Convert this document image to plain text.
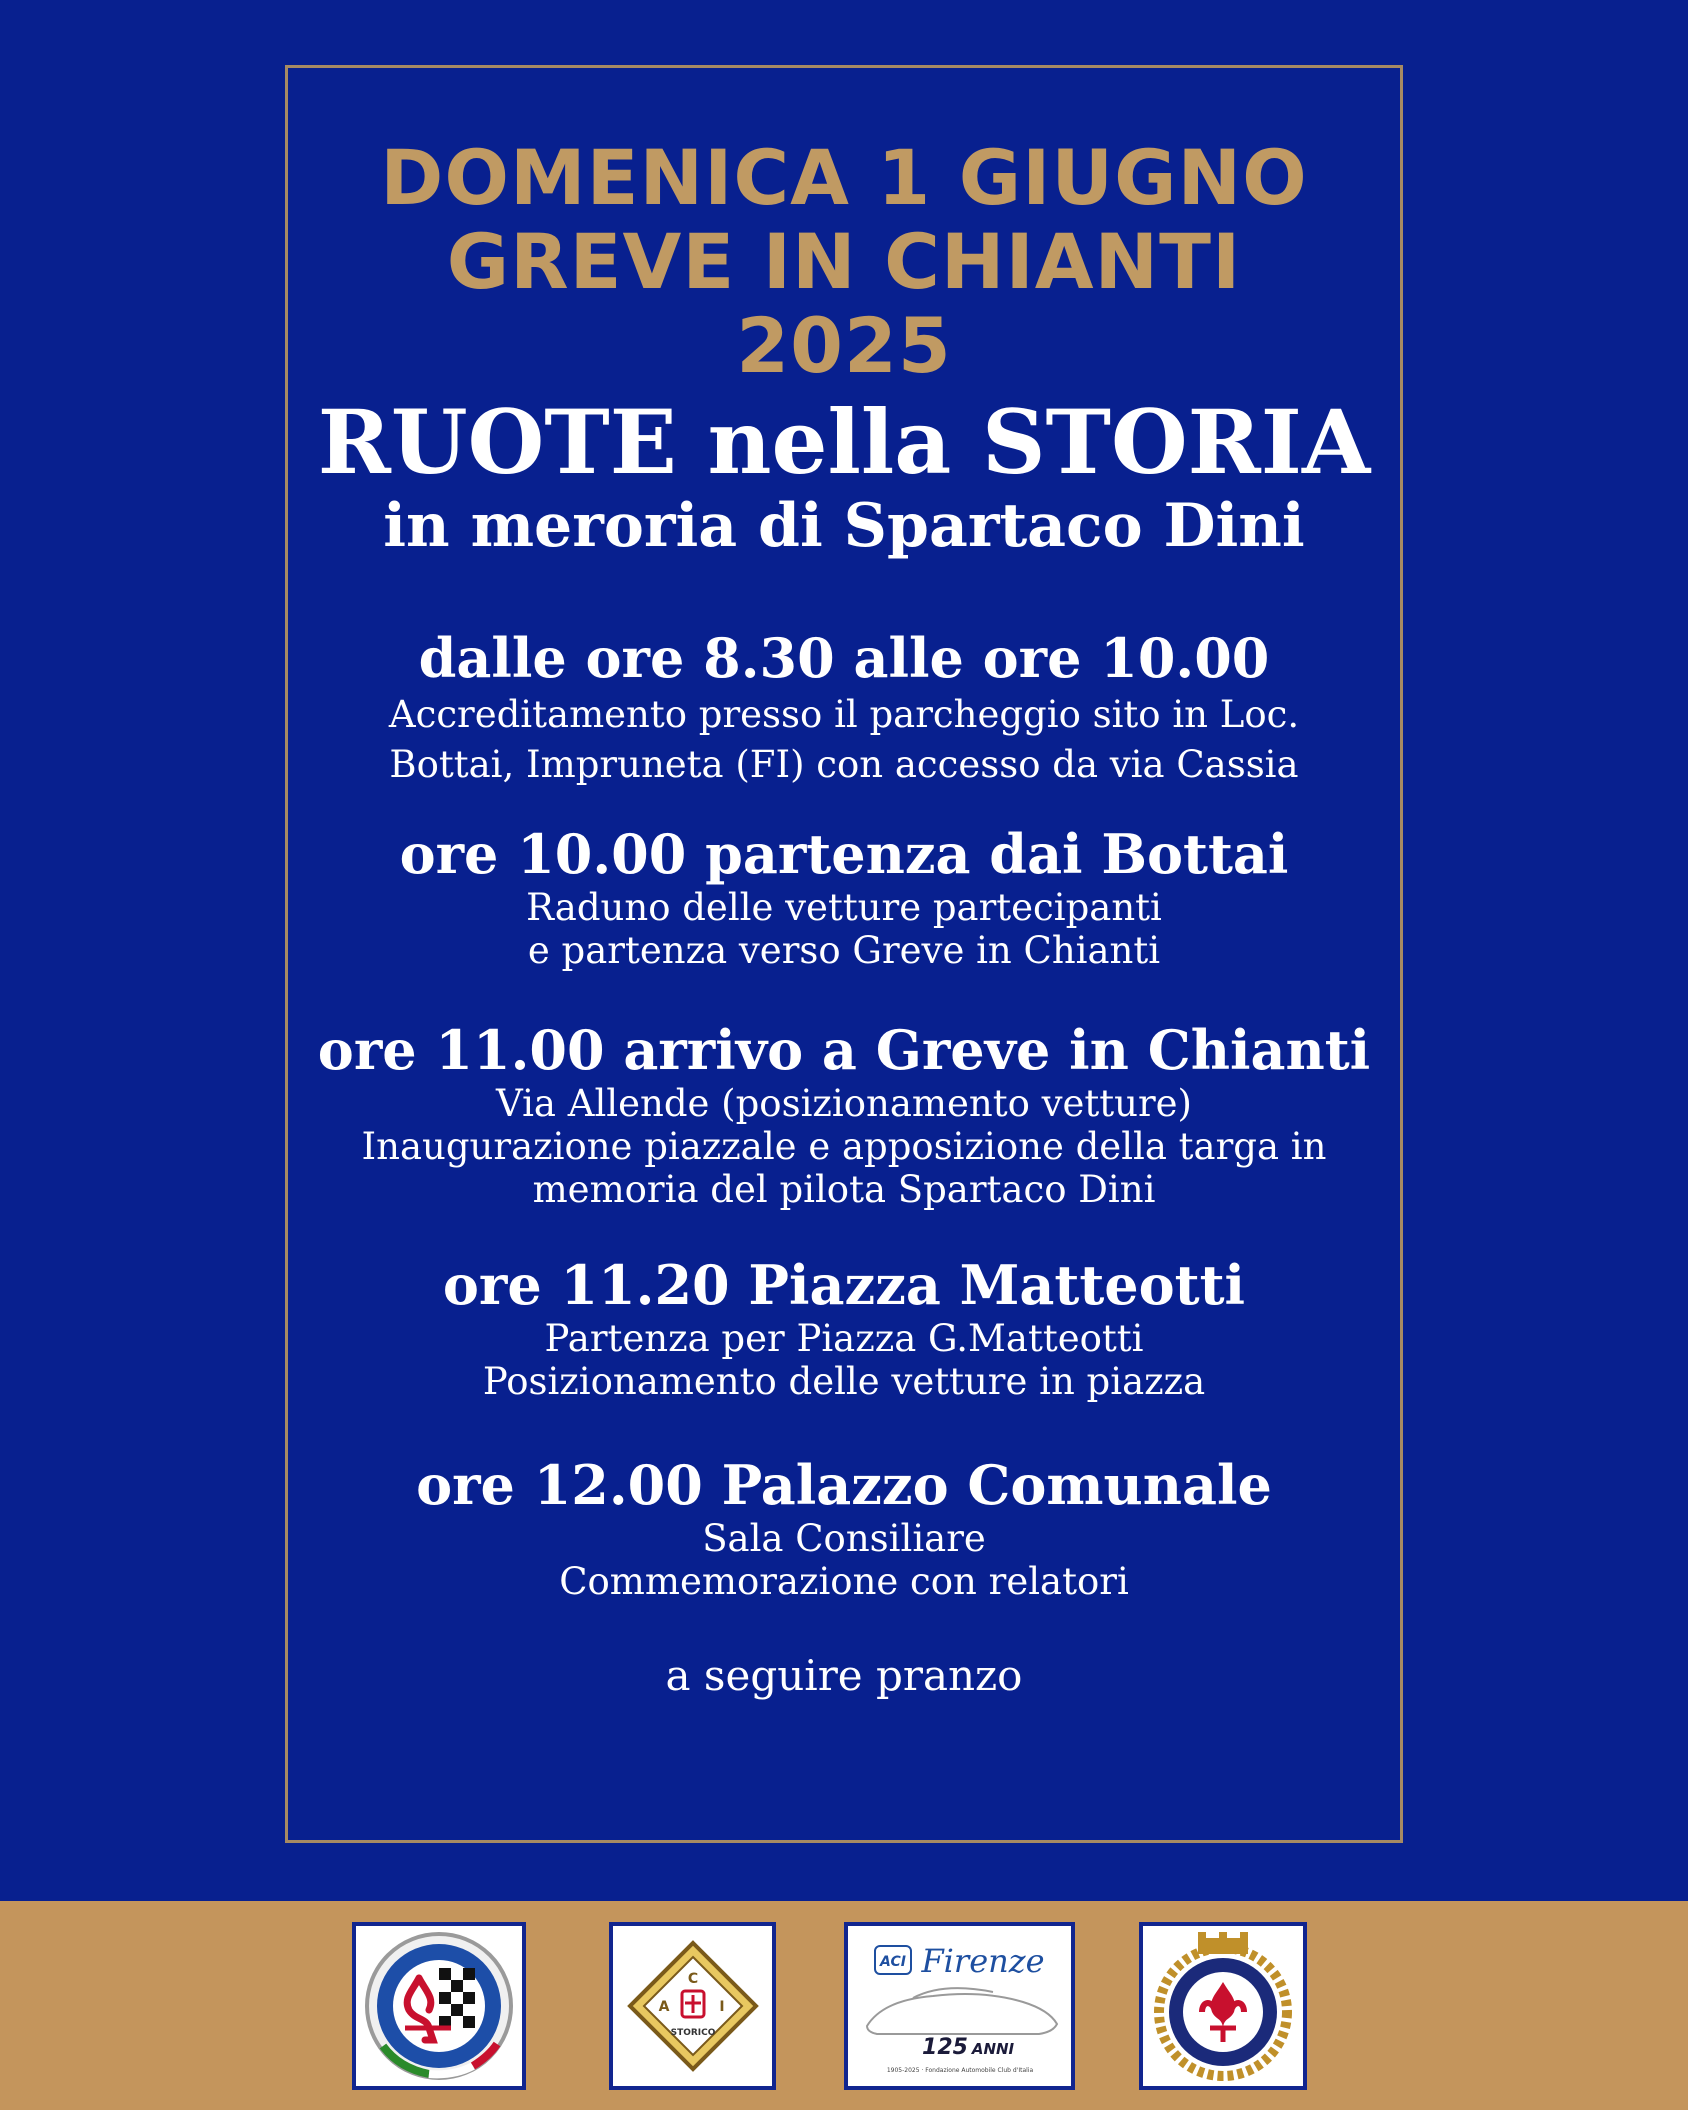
DOMENICA 1 GIUGNO
GREVE IN CHIANTI
2025
RUOTE nella STORIA
in meroria di Spartaco Dini
dalle ore 8.30 alle ore 10.00
Accreditamento presso il parcheggio sito in Loc.
Bottai, Impruneta (FI) con accesso da via Cassia
ore 10.00 partenza dai Bottai
Raduno delle vetture partecipanti
e partenza verso Greve in Chianti
ore 11.00 arrivo a Greve in Chianti
Via Allende (posizionamento vetture)
Inaugurazione piazzale e apposizione della targa in
memoria del pilota Spartaco Dini
ore 11.20 Piazza Matteotti
Partenza per Piazza G.Matteotti
Posizionamento delle vetture in piazza
ore 12.00 Palazzo Comunale
Sala Consiliare
Commemorazione con relatori
a seguire pranzo
C
A	I
STORICO
ACI Firenze
125 ANNI
1905-2025 · Fondazione Automobile Club d'Italia
